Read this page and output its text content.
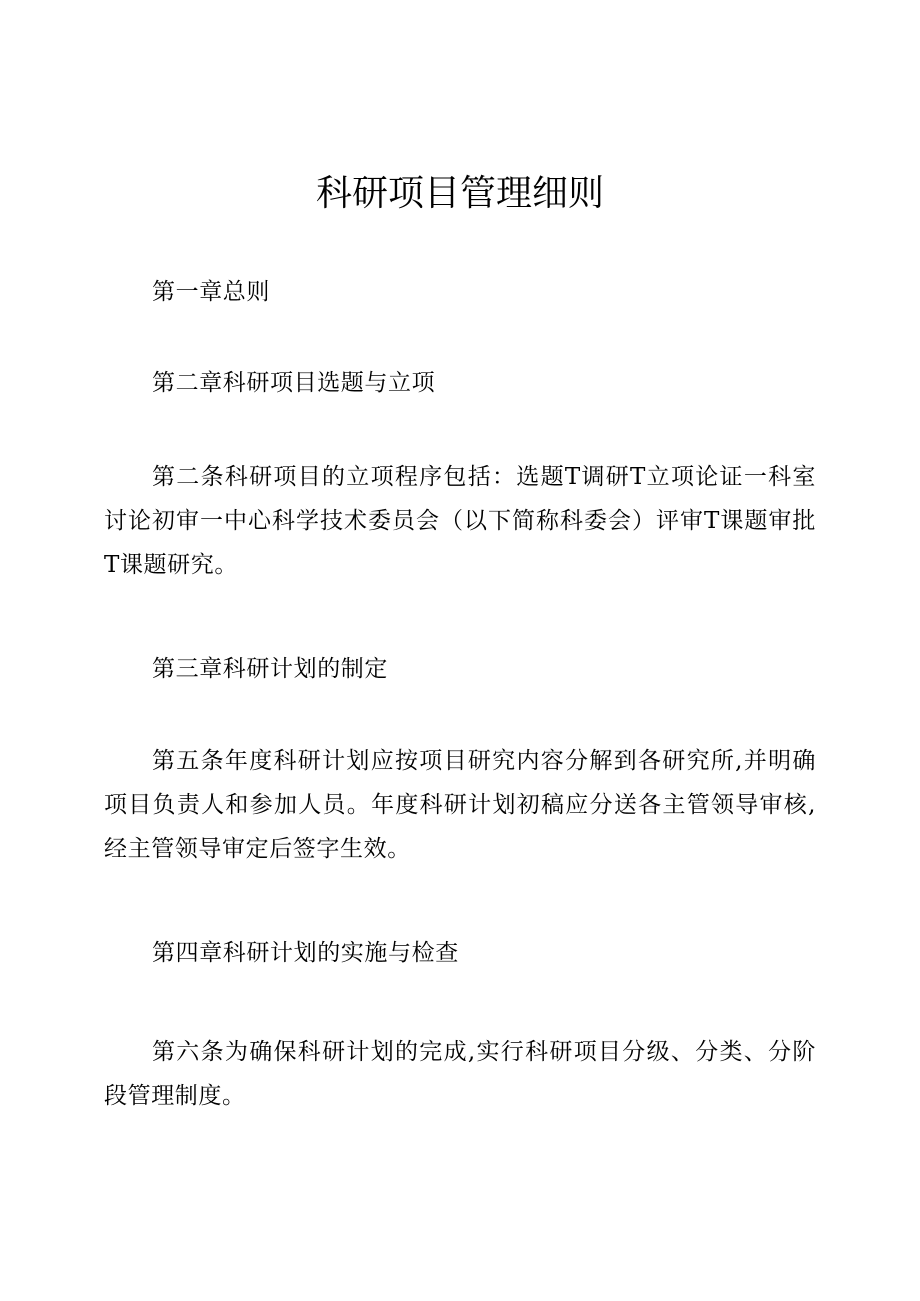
科研项目管理细则

第一章总则

第二章科研项目选题与立项

第二条科研项目的立项程序包括：选题T调研T立项论证一科室讨论初审一中心科学技术委员会（以下简称科委会）评审T课题审批T课题研究。

第三章科研计划的制定

第五条年度科研计划应按项目研究内容分解到各研究所,并明确项目负责人和参加人员。年度科研计划初稿应分送各主管领导审核,经主管领导审定后签字生效。

第四章科研计划的实施与检查

第六条为确保科研计划的完成,实行科研项目分级、分类、分阶段管理制度。
